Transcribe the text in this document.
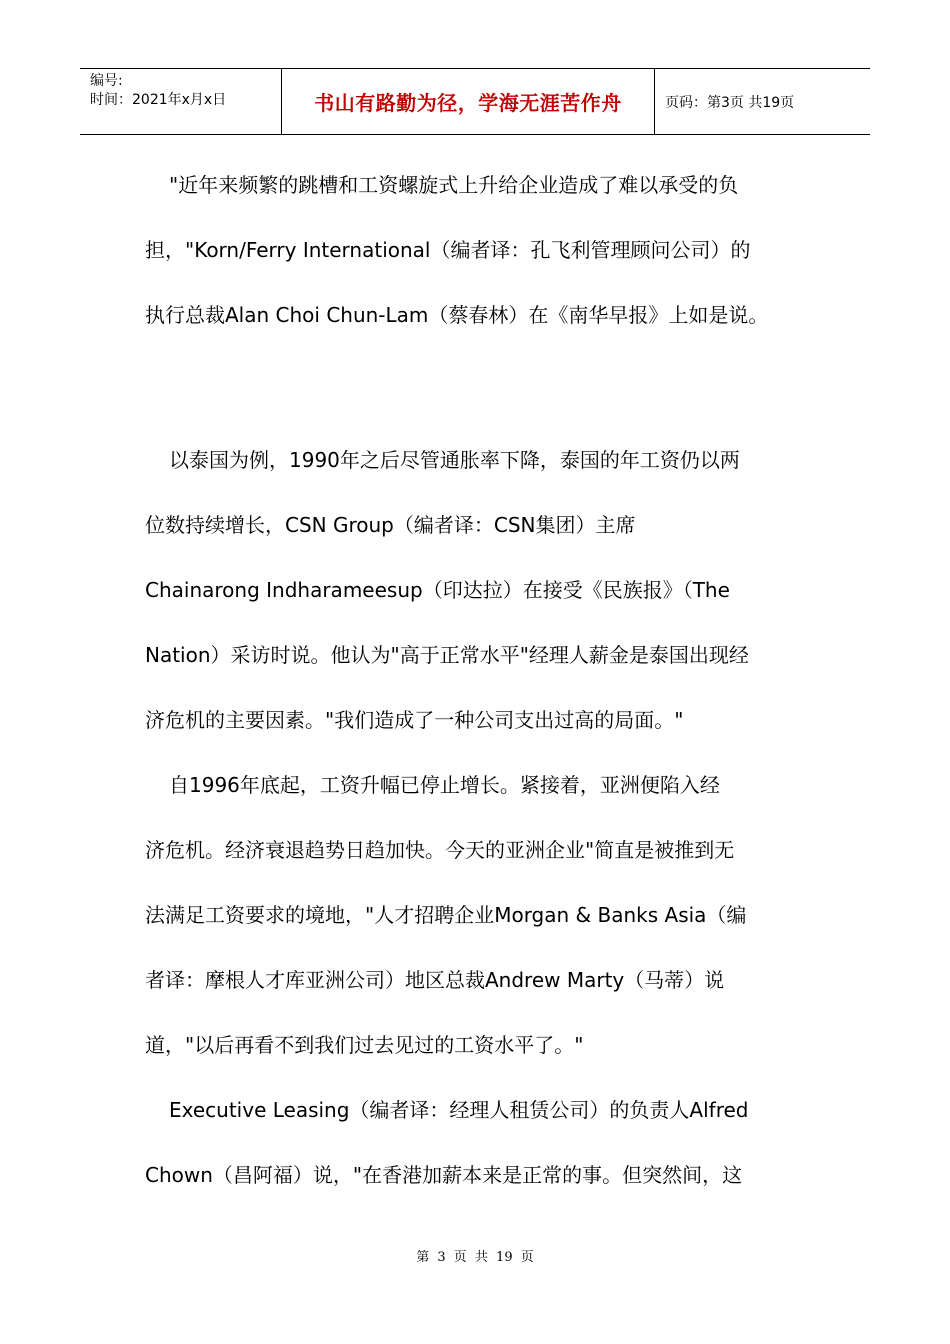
编号:
时间：2021年x月x日	书山有路勤为径，学海无涯苦作舟	页码：第3页 共19页

"近年来频繁的跳槽和工资螺旋式上升给企业造成了难以承受的负

担，"Korn/Ferry International（编者译：孔飞利管理顾问公司）的

执行总裁Alan Choi Chun-Lam（蔡春林）在《南华早报》上如是说。

以泰国为例，1990年之后尽管通胀率下降，泰国的年工资仍以两

位数持续增长，CSN Group（编者译：CSN集团）主席

Chainarong Indharameesup（印达拉）在接受《民族报》（The

Nation）采访时说。他认为"高于正常水平"经理人薪金是泰国出现经

济危机的主要因素。"我们造成了一种公司支出过高的局面。"

自1996年底起，工资升幅已停止增长。紧接着，亚洲便陷入经

济危机。经济衰退趋势日趋加快。今天的亚洲企业"简直是被推到无

法满足工资要求的境地，"人才招聘企业Morgan & Banks Asia（编

者译：摩根人才库亚洲公司）地区总裁Andrew Marty（马蒂）说

道，"以后再看不到我们过去见过的工资水平了。"

Executive Leasing（编者译：经理人租赁公司）的负责人Alfred

Chown（昌阿福）说，"在香港加薪本来是正常的事。但突然间，这

第 3 页 共 19 页
